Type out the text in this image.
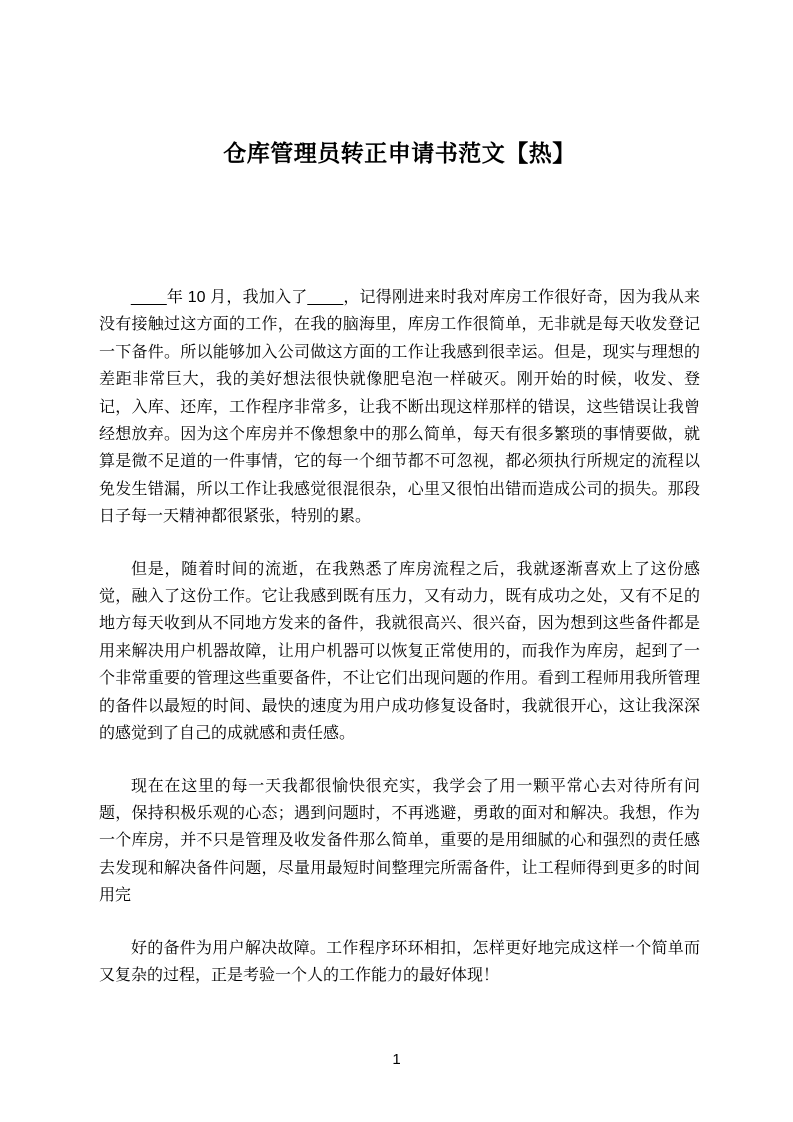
仓库管理员转正申请书范文【热】

____年 10 月，我加入了____，记得刚进来时我对库房工作很好奇，因为我从来没有接触过这方面的工作，在我的脑海里，库房工作很简单，无非就是每天收发登记一下备件。所以能够加入公司做这方面的工作让我感到很幸运。但是，现实与理想的差距非常巨大，我的美好想法很快就像肥皂泡一样破灭。刚开始的时候，收发、登记，入库、还库，工作程序非常多，让我不断出现这样那样的错误，这些错误让我曾经想放弃。因为这个库房并不像想象中的那么简单，每天有很多繁琐的事情要做，就算是微不足道的一件事情，它的每一个细节都不可忽视，都必须执行所规定的流程以免发生错漏，所以工作让我感觉很混很杂，心里又很怕出错而造成公司的损失。那段日子每一天精神都很紧张，特别的累。

但是，随着时间的流逝，在我熟悉了库房流程之后，我就逐渐喜欢上了这份感觉，融入了这份工作。它让我感到既有压力，又有动力，既有成功之处，又有不足的地方每天收到从不同地方发来的备件，我就很高兴、很兴奋，因为想到这些备件都是用来解决用户机器故障，让用户机器可以恢复正常使用的，而我作为库房，起到了一个非常重要的管理这些重要备件，不让它们出现问题的作用。看到工程师用我所管理的备件以最短的时间、最快的速度为用户成功修复设备时，我就很开心，这让我深深的感觉到了自己的成就感和责任感。

现在在这里的每一天我都很愉快很充实，我学会了用一颗平常心去对待所有问题，保持积极乐观的心态；遇到问题时，不再逃避，勇敢的面对和解决。我想，作为一个库房，并不只是管理及收发备件那么简单，重要的是用细腻的心和强烈的责任感去发现和解决备件问题，尽量用最短时间整理完所需备件，让工程师得到更多的时间用完

好的备件为用户解决故障。工作程序环环相扣，怎样更好地完成这样一个简单而又复杂的过程，正是考验一个人的工作能力的最好体现！

1
